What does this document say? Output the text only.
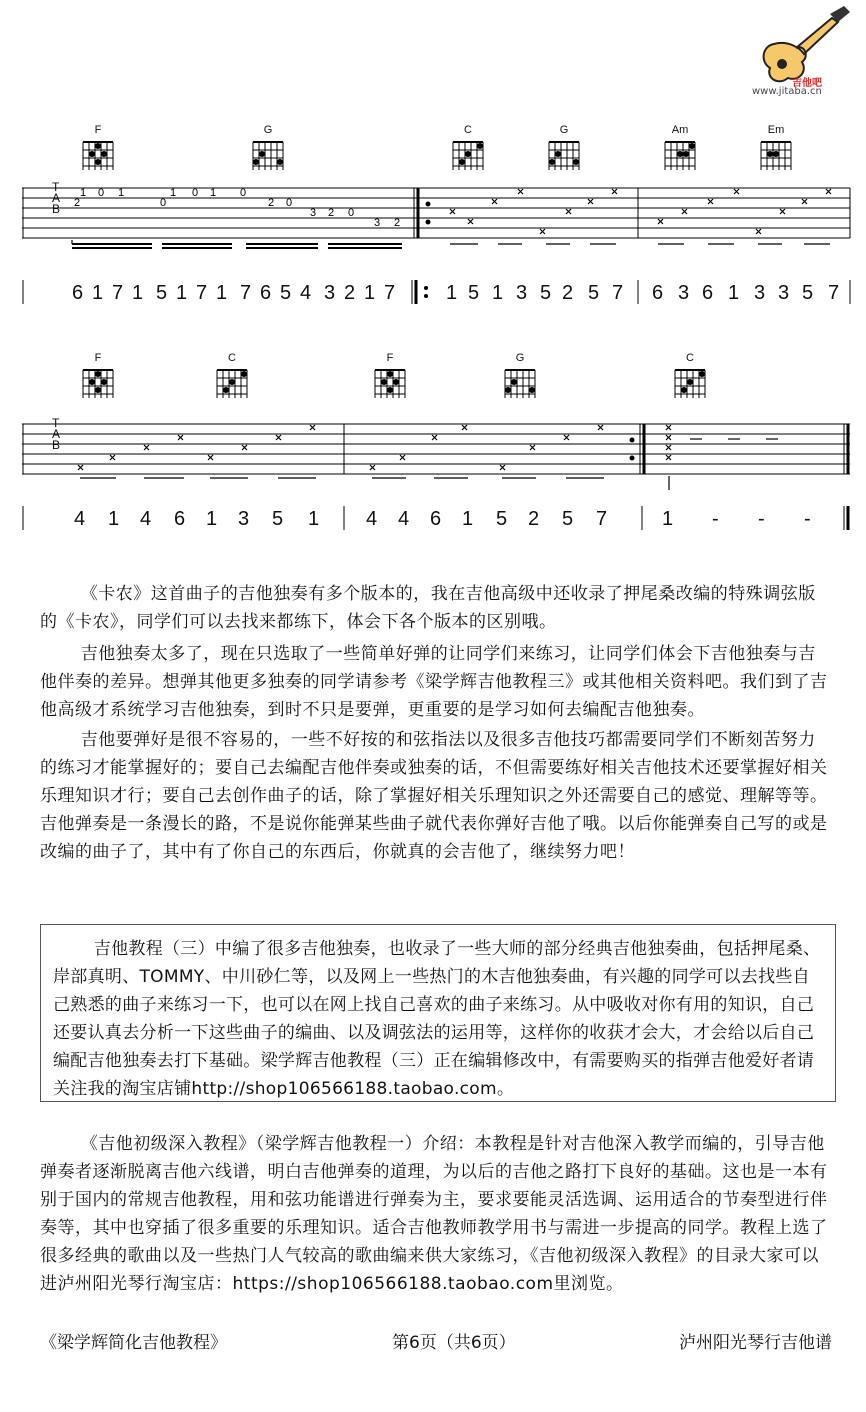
吉他吧
www.jitaba.cn
F	G	C	G	Am	Em
1 0 1	1 0 1 0 2	0	2 0 3 2 03 2
T
A
B
6 1 7 1 5 1 7 1 7 6 5 4 3 2 1 7	1 5 1 3 5 2 5 7 6 3 6 1 3 3 5 7
F	C	F	G	C
T
A
B
4 1 4 6 1 3 5 1 4 4 6 1 5 2 5 7	1 - - -

《卡农》这首曲子的吉他独奏有多个版本的，我在吉他高级中还收录了押尾桑改编的特殊调弦版的《卡农》，同学们可以去找来都练下，体会下各个版本的区别哦。

吉他独奏太多了，现在只选取了一些简单好弹的让同学们来练习，让同学们体会下吉他独奏与吉他伴奏的差异。想弹其他更多独奏的同学请参考《梁学辉吉他教程三》或其他相关资料吧。我们到了吉他高级才系统学习吉他独奏，到时不只是要弹，更重要的是学习如何去编配吉他独奏。

吉他要弹好是很不容易的，一些不好按的和弦指法以及很多吉他技巧都需要同学们不断刻苦努力的练习才能掌握好的；要自己去编配吉他伴奏或独奏的话，不但需要练好相关吉他技术还要掌握好相关乐理知识才行；要自己去创作曲子的话，除了掌握好相关乐理知识之外还需要自己的感觉、理解等等。吉他弹奏是一条漫长的路，不是说你能弹某些曲子就代表你弹好吉他了哦。以后你能弹奏自己写的或是改编的曲子了，其中有了你自己的东西后，你就真的会吉他了，继续努力吧！

吉他教程（三）中编了很多吉他独奏，也收录了一些大师的部分经典吉他独奏曲，包括押尾桑、岸部真明、TOMMY、中川砂仁等，以及网上一些热门的木吉他独奏曲，有兴趣的同学可以去找些自己熟悉的曲子来练习一下，也可以在网上找自己喜欢的曲子来练习。从中吸收对你有用的知识，自己还要认真去分析一下这些曲子的编曲、以及调弦法的运用等，这样你的收获才会大，才会给以后自己编配吉他独奏去打下基础。梁学辉吉他教程（三）正在编辑修改中，有需要购买的指弹吉他爱好者请关注我的淘宝店铺http://shop106566188.taobao.com。

《吉他初级深入教程》（梁学辉吉他教程一）介绍：本教程是针对吉他深入教学而编的，引导吉他弹奏者逐渐脱离吉他六线谱，明白吉他弹奏的道理，为以后的吉他之路打下良好的基础。这也是一本有别于国内的常规吉他教程，用和弦功能谱进行弹奏为主，要求要能灵活选调、运用适合的节奏型进行伴奏等，其中也穿插了很多重要的乐理知识。适合吉他教师教学用书与需进一步提高的同学。教程上选了很多经典的歌曲以及一些热门人气较高的歌曲编来供大家练习，《吉他初级深入教程》的目录大家可以进泸州阳光琴行淘宝店：https://shop106566188.taobao.com里浏览。

《梁学辉简化吉他教程》	第6页（共6页）	泸州阳光琴行吉他谱
